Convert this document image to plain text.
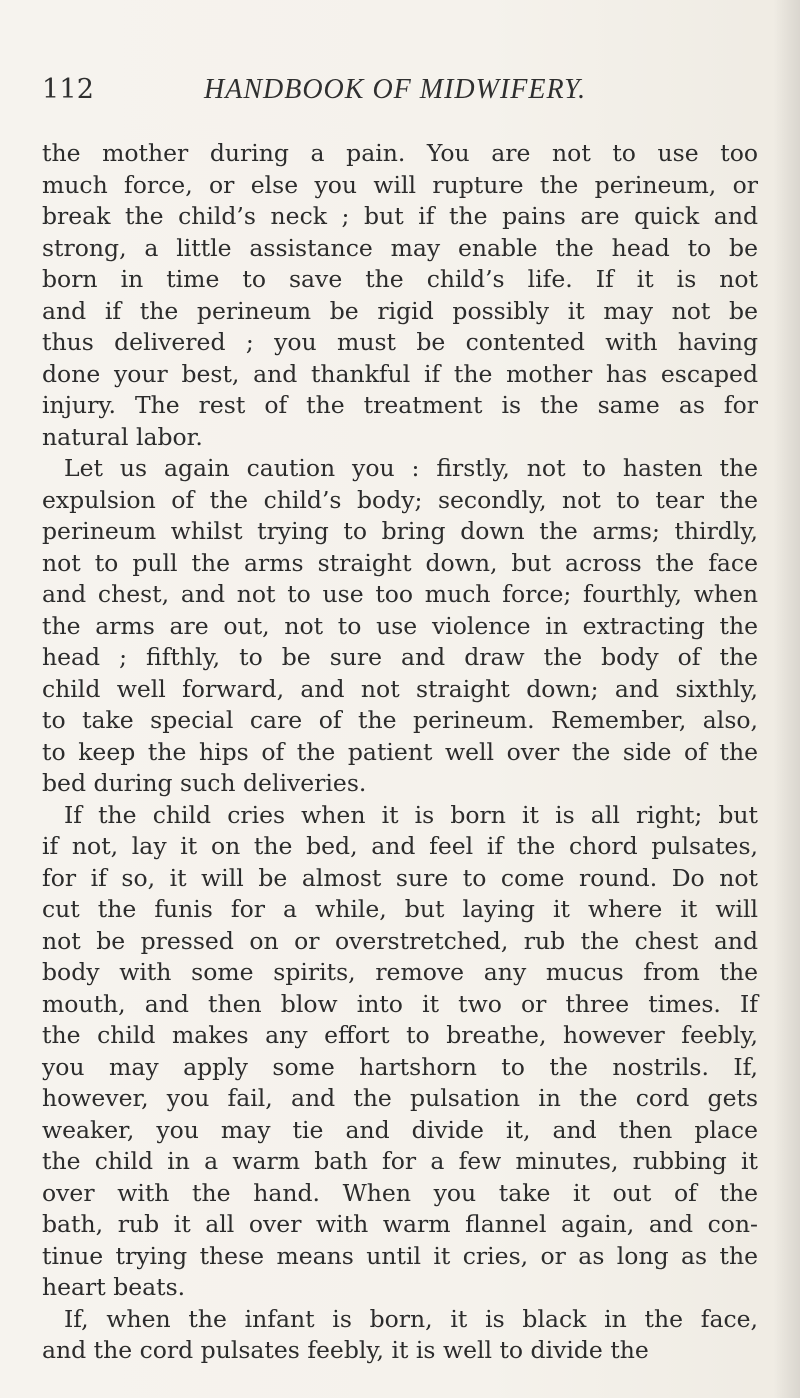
112	HANDBOOK OF MIDWIFERY.
the mother during a pain. You are not to use too
much force, or else you will rupture the perineum, or
break the child’s neck ; but if the pains are quick and
strong, a little assistance may enable the head to be
born in time to save the child’s life. If it is not
and if the perineum be rigid possibly it may not be
thus delivered ; you must be contented with having
done your best, and thankful if the mother has escaped
injury. The rest of the treatment is the same as for
natural labor.
Let us again caution you : firstly, not to hasten the
expulsion of the child’s body; secondly, not to tear the
perineum whilst trying to bring down the arms; thirdly,
not to pull the arms straight down, but across the face
and chest, and not to use too much force; fourthly, when
the arms are out, not to use violence in extracting the
head ; fifthly, to be sure and draw the body of the
child well forward, and not straight down; and sixthly,
to take special care of the perineum. Remember, also,
to keep the hips of the patient well over the side of the
bed during such deliveries.
If the child cries when it is born it is all right; but
if not, lay it on the bed, and feel if the chord pulsates,
for if so, it will be almost sure to come round. Do not
cut the funis for a while, but laying it where it will
not be pressed on or overstretched, rub the chest and
body with some spirits, remove any mucus from the
mouth, and then blow into it two or three times. If
the child makes any effort to breathe, however feebly,
you may apply some hartshorn to the nostrils. If,
however, you fail, and the pulsation in the cord gets
weaker, you may tie and divide it, and then place
the child in a warm bath for a few minutes, rubbing it
over with the hand. When you take it out of the
bath, rub it all over with warm flannel again, and con-
tinue trying these means until it cries, or as long as the
heart beats.
If, when the infant is born, it is black in the face,
and the cord pulsates feebly, it is well to divide the
